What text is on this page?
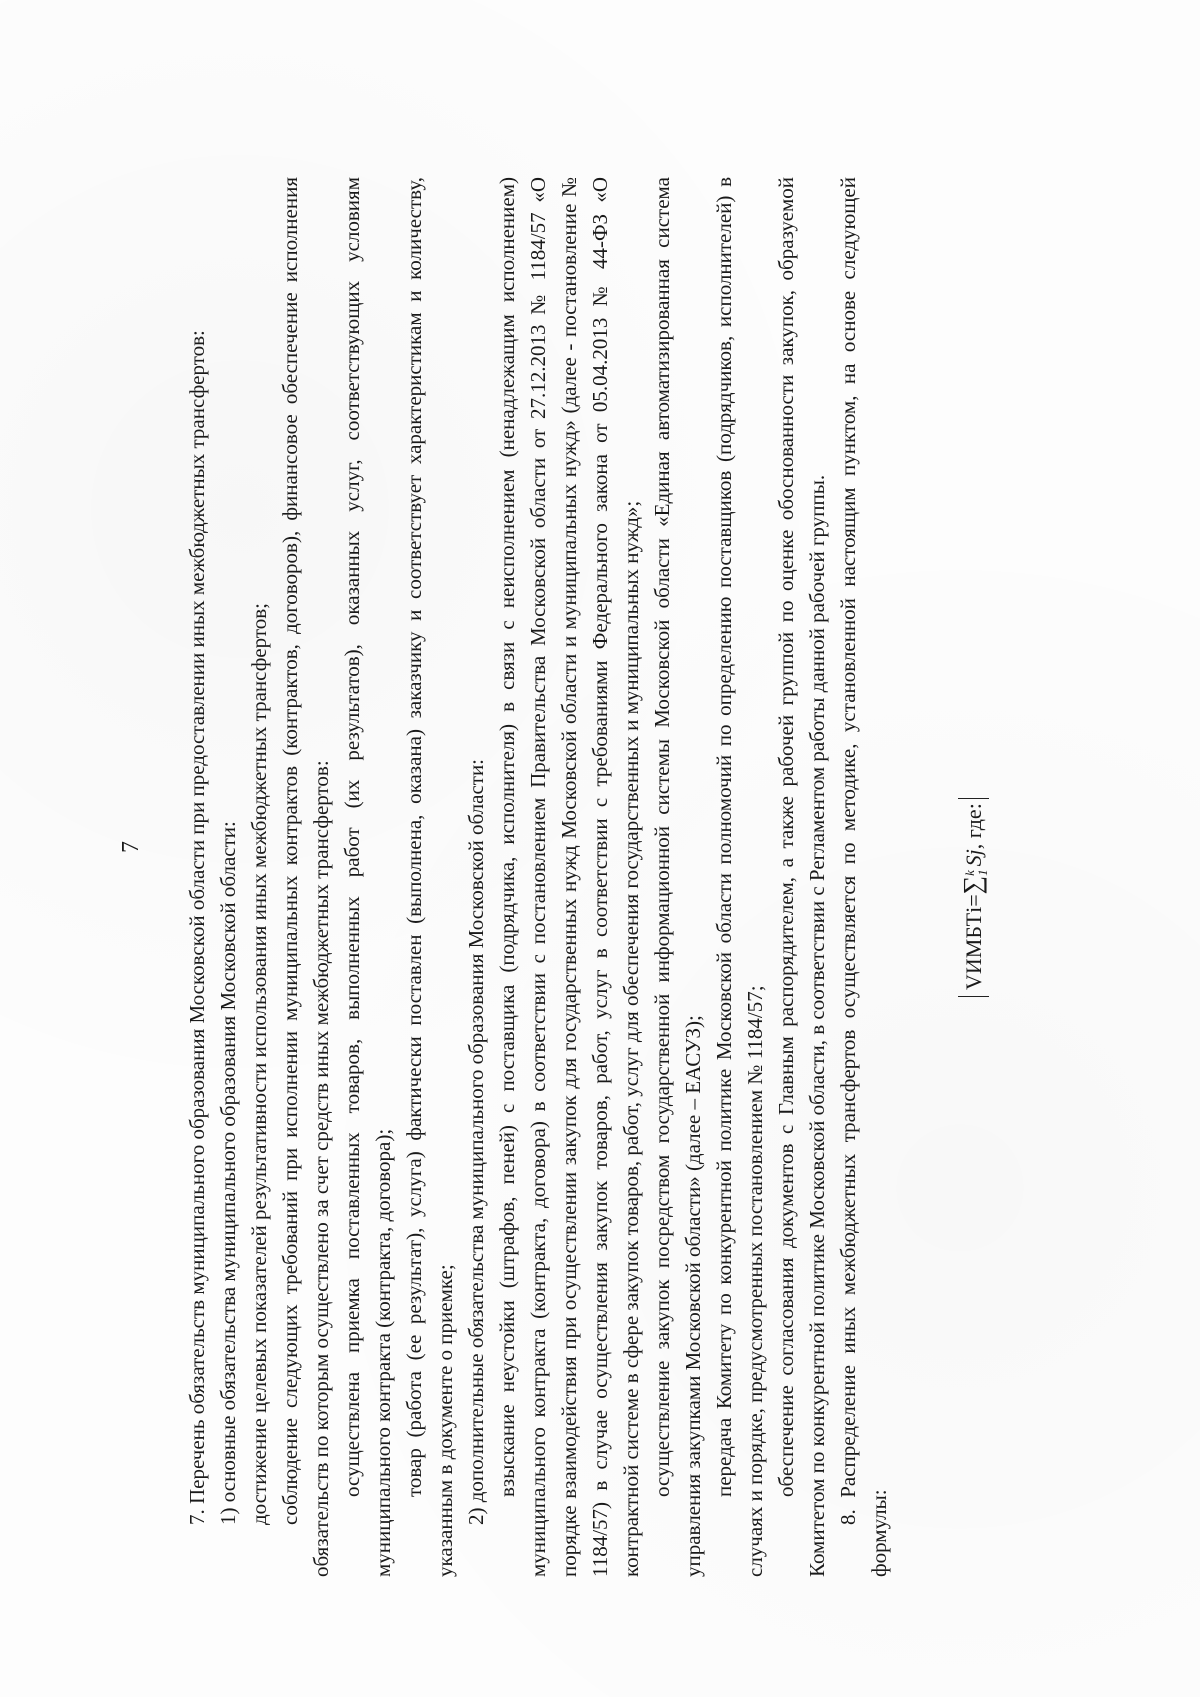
7 7. Перечень обязательств муниципального образования Московской области при предоставлении иных межбюджетных трансфертов: 1) основные обязательства муниципального образования Московской области: достижение целевых показателей результативности использования иных межбюджетных трансфертов; соблюдение следующих требований при исполнении муниципальных контрактов (контрактов, договоров), финансовое обеспечение исполнения обязательств по которым осуществлено за счет средств иных межбюджетных трансфертов: осуществлена приемка поставленных товаров, выполненных работ (их результатов), оказанных услуг, соответствующих условиям муниципального контракта (контракта, договора); товар (работа (ее результат), услуга) фактически поставлен (выполнена, оказана) заказчику и соответствует характеристикам и количеству, указанным в документе о приемке; 2) дополнительные обязательства муниципального образования Московской области: взыскание неустойки (штрафов, пеней) с поставщика (подрядчика, исполнителя) в связи с неисполнением (ненадлежащим исполнением) муниципального контракта (контракта, договора) в соответствии с постановлением Правительства Московской области от 27.12.2013 № 1184/57 «О порядке взаимодействия при осуществлении закупок для государственных нужд Московской области и муниципальных нужд» (далее - постановление № 1184/57) в случае осуществления закупок товаров, работ, услуг в соответствии с требованиями Федерального закона от 05.04.2013 № 44-ФЗ «О контрактной системе в сфере закупок товаров, работ, услуг для обеспечения государственных и муниципальных нужд»; осуществление закупок посредством государственной информационной системы Московской области «Единая автоматизированная система управления закупками Московской области» (далее – ЕАСУЗ); передача Комитету по конкурентной политике Московской области полномочий по определению поставщиков (подрядчиков, исполнителей) в случаях и порядке, предусмотренных постановлением № 1184/57; обеспечение согласования документов с Главным распорядителем, а также рабочей группой по оценке обоснованности закупок, образуемой Комитетом по конкурентной политике Московской области, в соответствии с Регламентом работы данной рабочей группы. 8. Распределение иных межбюджетных трансфертов осуществляется по методике, установленной настоящим пунктом, на основе следующей формулы:

VИМБТi=∑
k
1
Sj, где:
